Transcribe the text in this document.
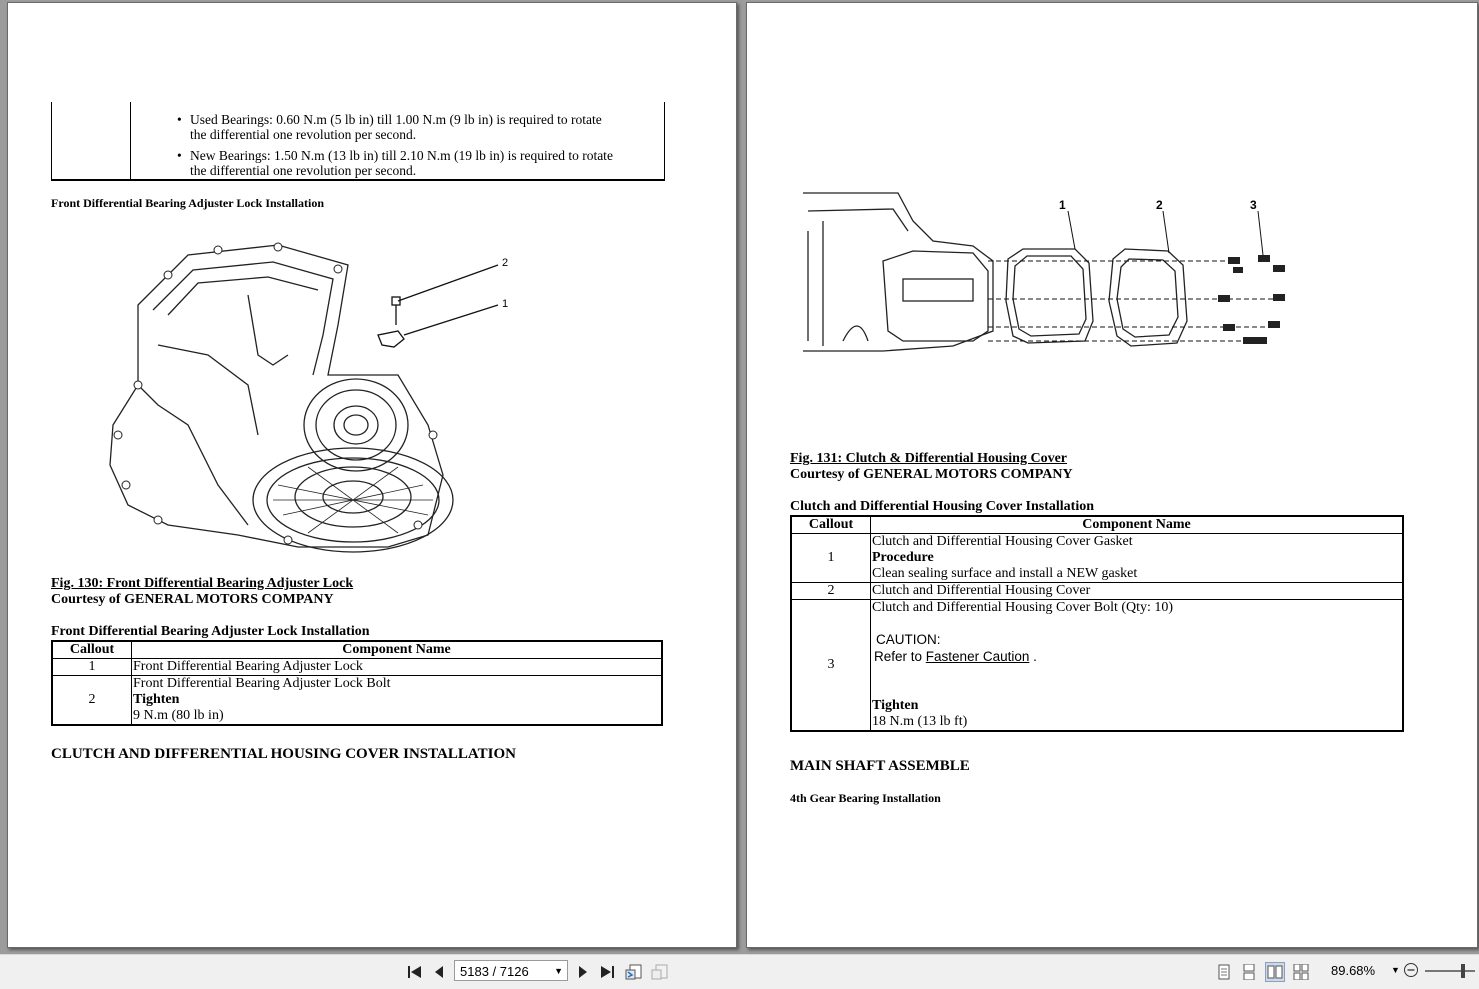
• Used Bearings: 0.60 N.m (5 lb in) till 1.00 N.m (9 lb in) is required to rotate
the differential one revolution per second.
• New Bearings: 1.50 N.m (13 lb in) till 2.10 N.m (19 lb in) is required to rotate
the differential one revolution per second.
Front Differential Bearing Adjuster Lock Installation
2
1
Fig. 130: Front Differential Bearing Adjuster Lock
Courtesy of GENERAL MOTORS COMPANY
Front Differential Bearing Adjuster Lock Installation
Callout	Component Name
1	Front Differential Bearing Adjuster Lock
2	Front Differential Bearing Adjuster Lock Bolt
Tighten
9 N.m (80 lb in)
CLUTCH AND DIFFERENTIAL HOUSING COVER INSTALLATION
1	2	3
Fig. 131: Clutch & Differential Housing Cover
Courtesy of GENERAL MOTORS COMPANY
Clutch and Differential Housing Cover Installation
Callout	Component Name
1	Clutch and Differential Housing Cover Gasket
Procedure
Clean sealing surface and install a NEW gasket

2	Clutch and Differential Housing Cover
3	Clutch and Differential Housing Cover Bolt (Qty: 10)
CAUTION:
Refer to Fastener Caution .
Tighten
18 N.m (13 lb ft)
MAIN SHAFT ASSEMBLE
4th Gear Bearing Installation
5183 / 7126	▼	89.68% ▼
